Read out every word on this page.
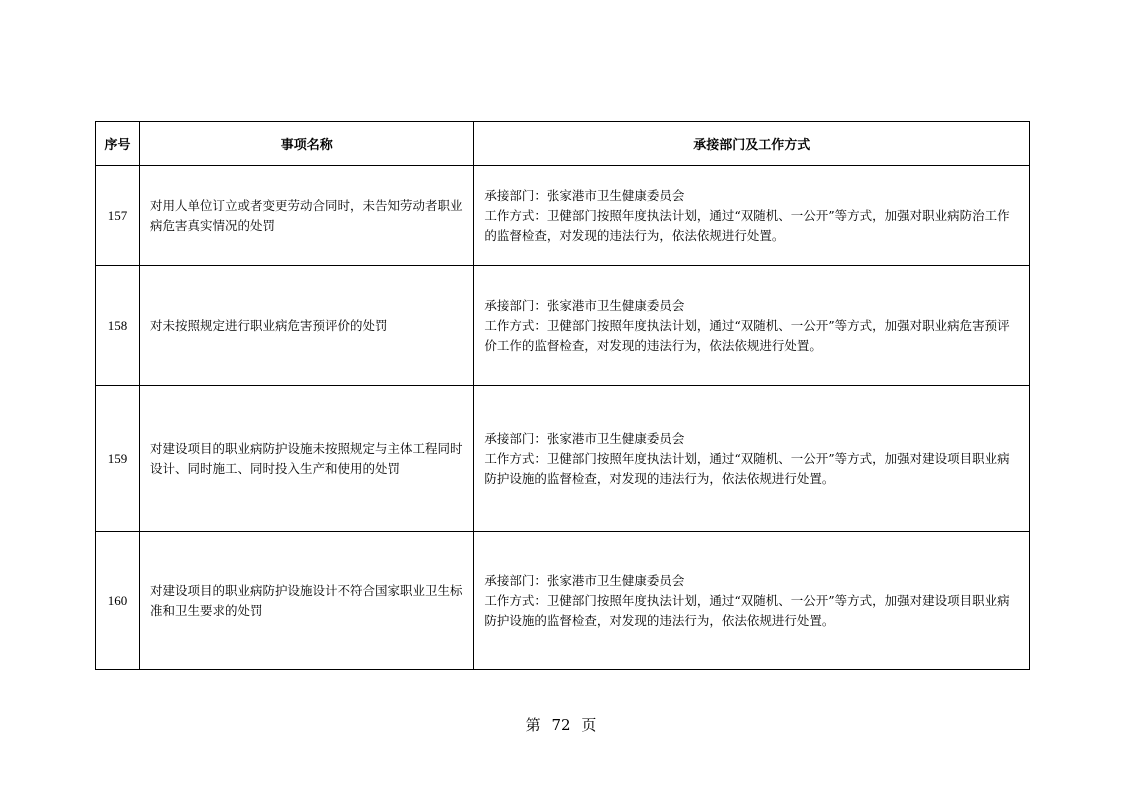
序号	事项名称	承接部门及工作方式
157	对用人单位订立或者变更劳动合同时，未告知劳动者职业病危害真实情况的处罚	承接部门：张家港市卫生健康委员会
工作方式：卫健部门按照年度执法计划，通过“双随机、一公开”等方式，加强对职业病防治工作的监督检查，对发现的违法行为，依法依规进行处置。

158	对未按照规定进行职业病危害预评价的处罚	承接部门：张家港市卫生健康委员会
工作方式：卫健部门按照年度执法计划，通过“双随机、一公开”等方式，加强对职业病危害预评价工作的监督检查，对发现的违法行为，依法依规进行处置。

159	对建设项目的职业病防护设施未按照规定与主体工程同时设计、同时施工、同时投入生产和使用的处罚	承接部门：张家港市卫生健康委员会
工作方式：卫健部门按照年度执法计划，通过“双随机、一公开”等方式，加强对建设项目职业病防护设施的监督检查，对发现的违法行为，依法依规进行处置。

160	对建设项目的职业病防护设施设计不符合国家职业卫生标准和卫生要求的处罚	承接部门：张家港市卫生健康委员会
工作方式：卫健部门按照年度执法计划，通过“双随机、一公开”等方式，加强对建设项目职业病防护设施的监督检查，对发现的违法行为，依法依规进行处置。
第 72 页
